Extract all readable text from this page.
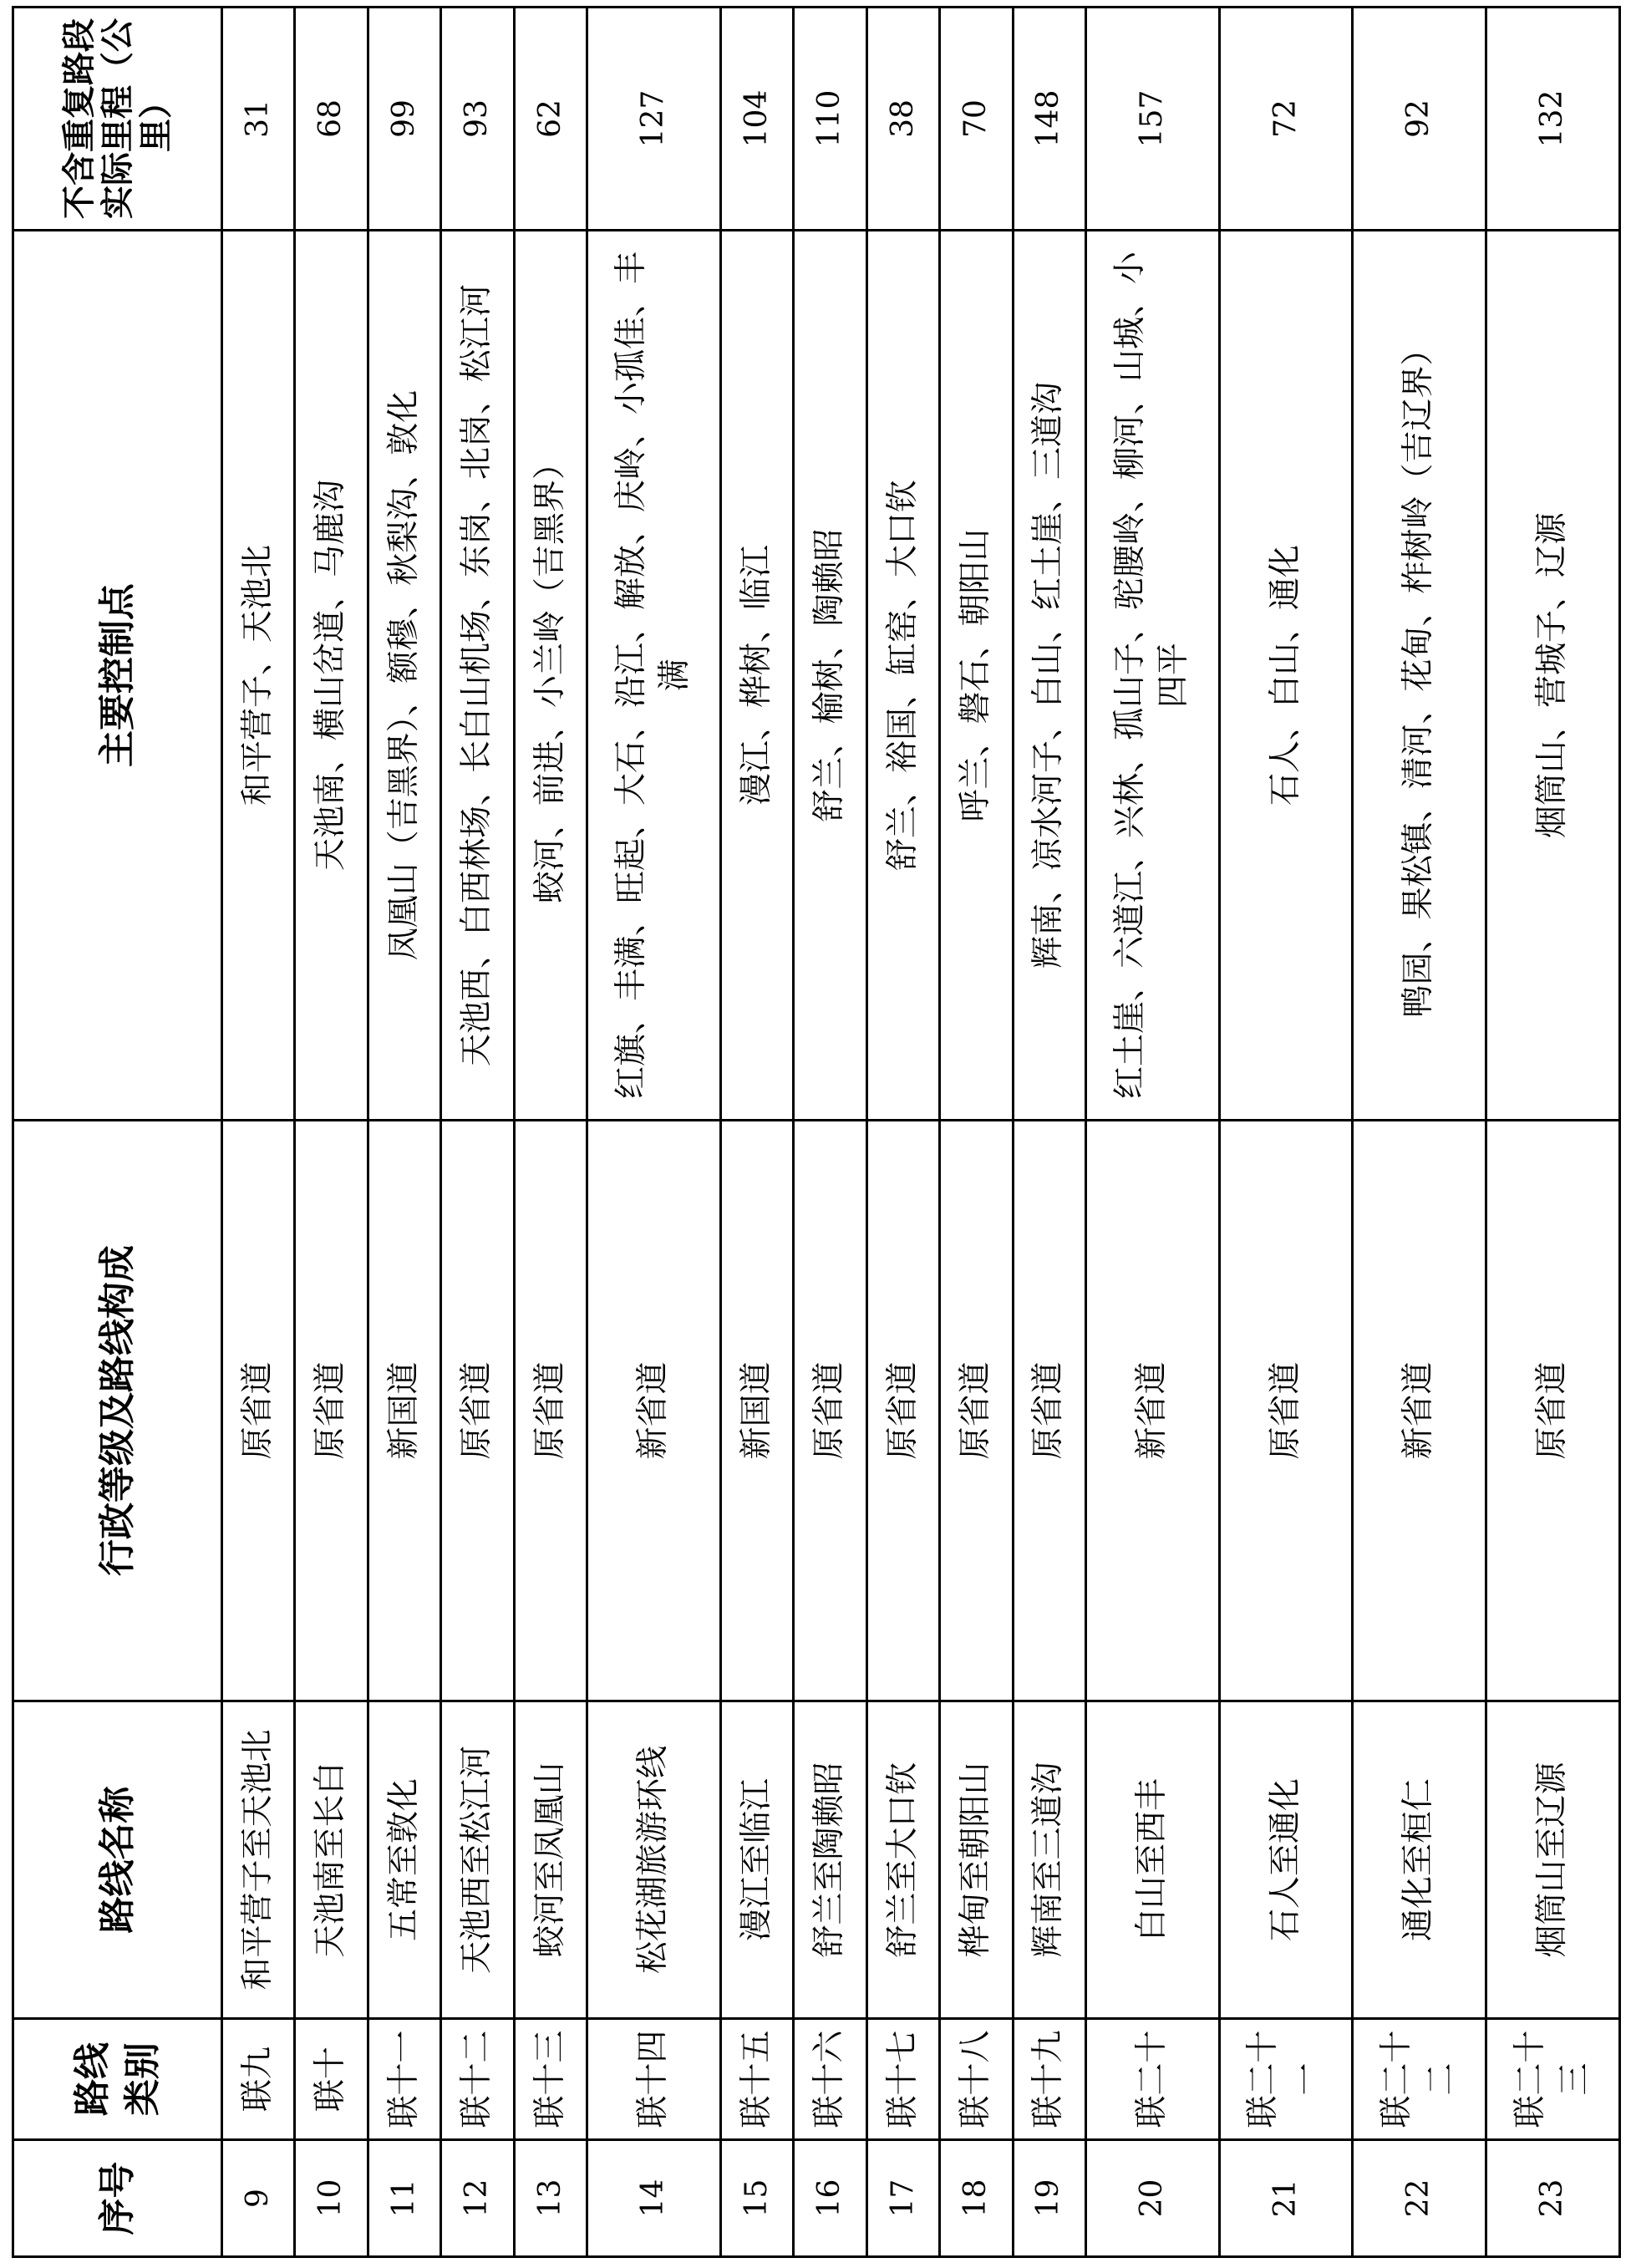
序号	路线类别	路线名称	行政等级及路线构成	主要控制点	不含重复路段实际里程（公里）
9	联九	和平营子至天池北	原省道	和平营子、天池北	31
10	联十	天池南至长白	原省道	天池南、横山岔道、马鹿沟	68
11	联十一	五常至敦化	新国道	凤凰山（吉黑界）、额穆、秋梨沟、敦化	99
12	联十二	天池西至松江河	原省道	天池西、白西林场、长白山机场、东岗、北岗、松江河	93
13	联十三	蛟河至凤凰山	原省道	蛟河、前进、小兰岭（吉黑界）	62
14	联十四	松花湖旅游环线	新省道	红旗、丰满、旺起、大石、沿江、解放、庆岭、小孤佳、丰满	127
15	联十五	漫江至临江	新国道	漫江、桦树、临江	104
16	联十六	舒兰至陶赖昭	原省道	舒兰、榆树、陶赖昭	110
17	联十七	舒兰至大口钦	原省道	舒兰、裕国、缸窑、大口钦	38
18	联十八	桦甸至朝阳山	原省道	呼兰、磐石、朝阳山	70
19	联十九	辉南至三道沟	原省道	辉南、凉水河子、白山、红土崖、三道沟	148
20	联二十	白山至西丰	新省道	红土崖、六道江、兴林、孤山子、驼腰岭、柳河、山城、小四平	157
21	联二十一	石人至通化	原省道	石人、白山、通化	72
22	联二十二	通化至桓仁	新省道	鸭园、果松镇、清河、花甸、柞树岭（吉辽界）	92
23	联二十三	烟筒山至辽源	原省道	烟筒山、营城子、辽源	132
